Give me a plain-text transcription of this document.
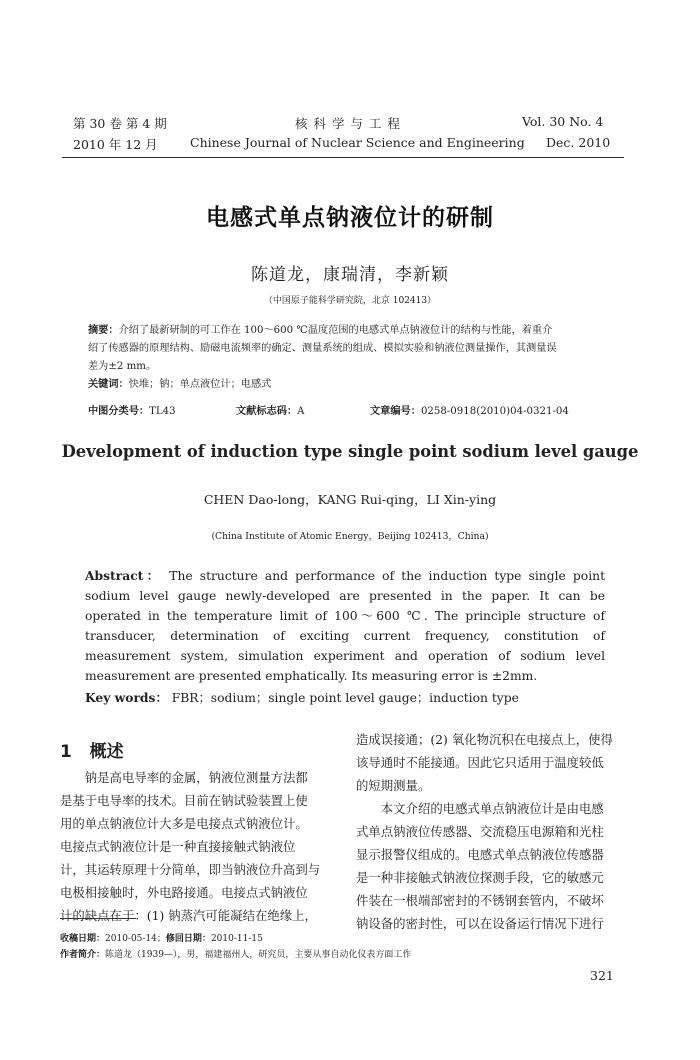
第 30 卷 第 4 期
2010 年 12 月
核 科 学 与 工 程
Chinese Journal of Nuclear Science and Engineering
Vol. 30 No. 4
Dec. 2010
电感式单点钠液位计的研制
陈道龙，康瑞清，李新颖
（中国原子能科学研究院，北京 102413）
摘要：介绍了最新研制的可工作在 100～600 ℃温度范围的电感式单点钠液位计的结构与性能，着重介
绍了传感器的原理结构、励磁电流频率的确定、测量系统的组成、模拟实验和钠液位测量操作，其测量误
差为±2 mm。
关键词：快堆；钠；单点液位计；电感式
中图分类号：TL43	文献标志码：A	文章编号：0258-0918(2010)04-0321-04
Development of induction type single point sodium level gauge
CHEN Dao-long，KANG Rui-qing，LI Xin-ying
(China Institute of Atomic Energy，Beijing 102413，China)
Abstract： The structure and performance of the induction type single point sodium level gauge newly-developed are presented in the paper. It can be operated in the temperature limit of 100～600 ℃. The principle structure of transducer, determination of exciting current frequency, constitution of measurement system, simulation experiment and operation of sodium level measurement are presented emphatically. Its measuring error is ±2mm.
Key words： FBR；sodium；single point level gauge；induction type
1 概述

　　钠是高电导率的金属，钠液位测量方法都

是基于电导率的技术。目前在钠试验装置上使

用的单点钠液位计大多是电接点式钠液位计。

电接点式钠液位计是一种直接接触式钠液位

计，其运转原理十分简单，即当钠液位升高到与

电极相接触时，外电路接通。电接点式钠液位

计的缺点在于：(1) 钠蒸汽可能凝结在绝缘上，

造成误接通；(2) 氧化物沉积在电接点上，使得

该导通时不能接通。因此它只适用于温度较低

的短期测量。

　　本文介绍的电感式单点钠液位计是由电感

式单点钠液位传感器、交流稳压电源箱和光柱

显示报警仪组成的。电感式单点钠液位传感器

是一种非接触式钠液位探测手段，它的敏感元

件装在一根端部密封的不锈钢套管内，不破坏

钠设备的密封性，可以在设备运行情况下进行

收稿日期：2010-05-14；修回日期：2010-11-15
作者简介：陈道龙（1939—），男，福建福州人，研究员，主要从事自动化仪表方面工作
321
